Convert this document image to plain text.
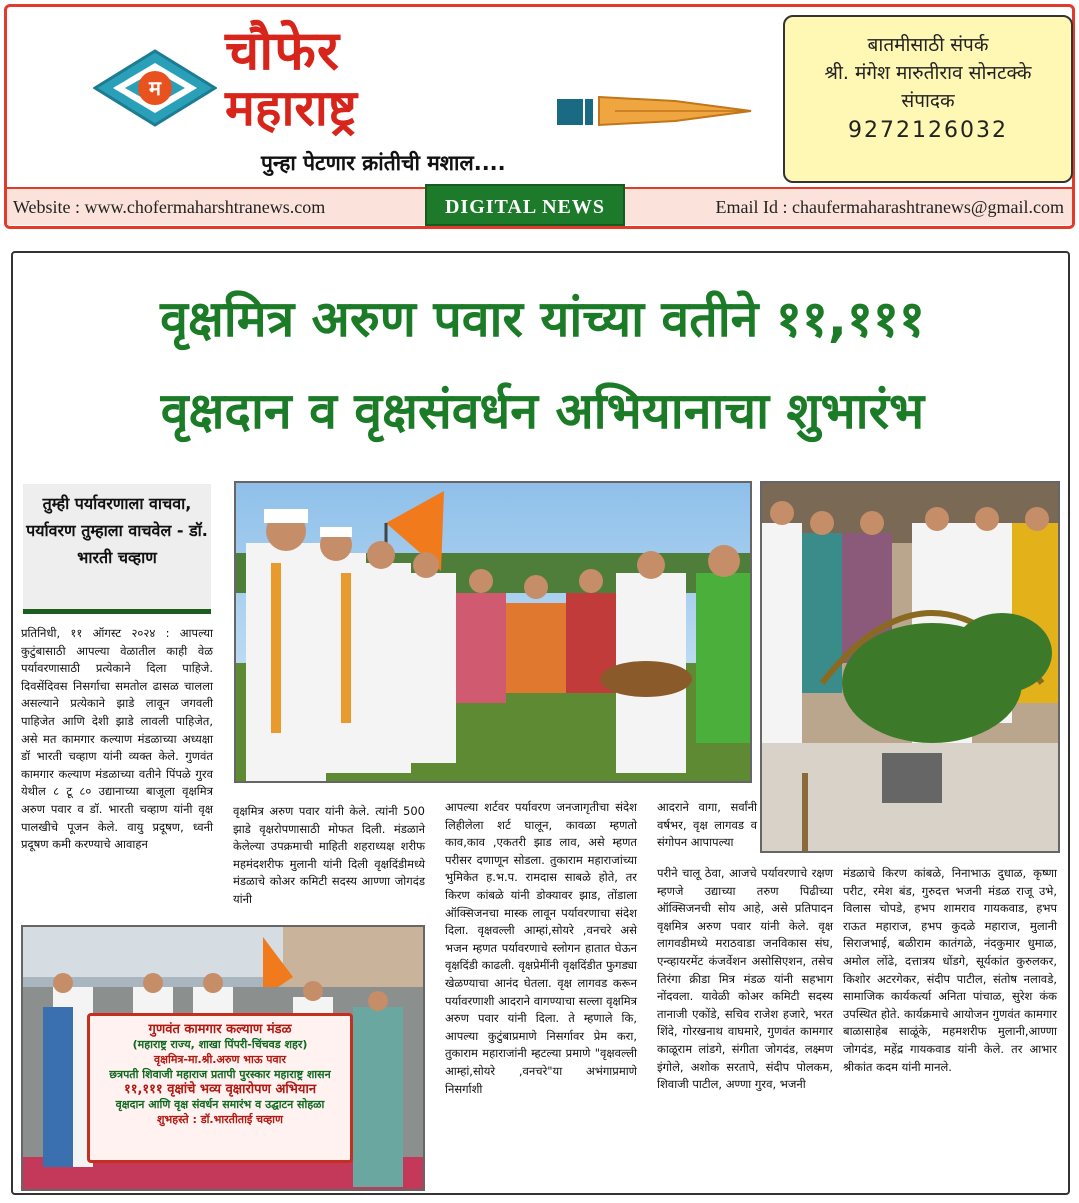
म
चौफेर
महाराष्ट्र
पुन्हा पेटणार क्रांतीची मशाल....
बातमीसाठी संपर्क
श्री. मंगेश मारुतीराव सोनटक्के
संपादक
9272126032
Website : www.chofermaharshtranews.com	Email Id : chaufermaharashtranews@gmail.com
DIGITAL NEWS
वृक्षमित्र अरुण पवार यांच्या वतीने ११,१११
वृक्षदान व वृक्षसंवर्धन अभियानाचा शुभारंभ
तुम्ही पर्यावरणाला वाचवा, पर्यावरण तुम्हाला वाचवेल - डॉ. भारती चव्हाण
गुणवंत कामगार कल्याण मंडळ
(महाराष्ट्र राज्य, शाखा पिंपरी-चिंचवड शहर)
वृक्षमित्र-मा.श्री.अरुण भाऊ पवार
छत्रपती शिवाजी महाराज प्रतापी पुरस्कार महाराष्ट्र शासन
११,१११ वृक्षांचे भव्य वृक्षारोपण अभियान
वृक्षदान आणि वृक्ष संवर्धन समारंभ व उद्घाटन सोहळा
शुभहस्ते : डॉ.भारतीताई चव्हाण

प्रतिनिधी, ११ ऑगस्ट २०२४ : आपल्या कुटुंबासाठी आपल्या वेळातील काही वेळ पर्यावरणासाठी प्रत्येकाने दिला पाहिजे. दिवसेंदिवस निसर्गाचा समतोल ढासळ चालला असल्याने प्रत्येकाने झाडे लावून जगवली पाहिजेत आणि देशी झाडे लावली पाहिजेत, असे मत कामगार कल्याण मंडळाच्या अध्यक्षा डॉ भारती चव्हाण यांनी व्यक्त केले. गुणवंत कामगार कल्याण मंडळाच्या वतीने पिंपळे गुरव येथील ८ टू ८० उद्यानाच्या बाजूला वृक्षमित्र अरुण पवार व डॉ. भारती चव्हाण यांनी वृक्ष पालखीचे पूजन केले. वायु प्रदूषण, ध्वनी प्रदूषण कमी करण्याचे आवाहन

वृक्षमित्र अरुण पवार यांनी केले. त्यांनी 500 झाडे वृक्षरोपणासाठी मोफत दिली. मंडळाने केलेल्या उपक्रमाची माहिती शहराध्यक्ष शरीफ महमंदशरीफ मुलानी यांनी दिली वृक्षदिंडीमध्ये मंडळाचे कोअर कमिटी सदस्य आण्णा जोगदंड यांनी

आपल्या शर्टवर पर्यावरण जनजागृतीचा संदेश लिहीलेला शर्ट घालून, कावळा म्हणतो काव,काव ,एकतरी झाड लाव, असे म्हणत परीसर दणाणून सोडला. तुकाराम महाराजांच्या भुमिकेत ह.भ.प. रामदास साबळे होते, तर किरण कांबळे यांनी डोक्यावर झाड, तोंडाला ऑक्सिजनचा मास्क लावून पर्यावरणाचा संदेश दिला. वृक्षवल्ली आम्हां,सोयरे ,वनचरे असे भजन म्हणत पर्यावरणाचे स्लोगन हातात घेऊन वृक्षदिंडी काढली. वृक्षप्रेमींनी वृक्षदिंडीत फुगड्या खेळण्याचा आनंद घेतला. वृक्ष लागवड करून पर्यावरणाशी आदराने वागण्याचा सल्ला वृक्षमित्र अरुण पवार यांनी दिला. ते म्हणाले कि, आपल्या कुटुंबाप्रमाणे निसर्गावर प्रेम करा, तुकाराम महाराजांनी म्हटल्या प्रमाणे "वृक्षवल्ली आम्हां,सोयरे ,वनचरे"या अभंगाप्रमाणे निसर्गाशी

आदराने वागा, सर्वांनी वर्षभर, वृक्ष लागवड व संगोपन आपापल्या

परीने चालू ठेवा, आजचे पर्यावरणाचे रक्षण म्हणजे उद्याच्या तरुण पिढीच्या ऑक्सिजनची सोय आहे, असे प्रतिपादन वृक्षमित्र अरुण पवार यांनी केले. वृक्ष लागवडीमध्ये मराठवाडा जनविकास संघ, एन्व्हायरमेंट कंजर्वेशन असोसिएशन, तसेच तिरंगा क्रीडा मित्र मंडळ यांनी सहभाग नोंदवला. यावेळी कोअर कमिटी सदस्य तानाजी एकोंडे, सचिव राजेश हजारे, भरत शिंदे, गोरखनाथ वाघमारे, गुणवंत कामगार काळूराम लांडगे, संगीता जोगदंड, लक्ष्मण इंगोले, अशोक सरतापे, संदीप पोलकम, शिवाजी पाटील, अण्णा गुरव, भजनी

मंडळाचे किरण कांबळे, निनाभाऊ दुधाळ, कृष्णा परीट, रमेश बंड, गुरुदत्त भजनी मंडळ राजू उभे, विलास चोपडे, हभप शामराव गायकवाड, हभप राऊत महाराज, हभप कुदळे महाराज, मुलानी सिराजभाई, बळीराम कातंगळे, नंदकुमार धुमाळ, अमोल लोंढे, दत्तात्रय धोंडगे, सूर्यकांत कुरुलकर, किशोर अटरगेकर, संदीप पाटील, संतोष नलावडे, सामाजिक कार्यकर्त्या अनिता पांचाळ, सुरेश कंक उपस्थित होते. कार्यक्रमाचे आयोजन गुणवंत कामगार बाळासाहेब साळूंके, महमशरीफ मुलानी,आण्णा जोगदंड, महेंद्र गायकवाड यांनी केले. तर आभार श्रीकांत कदम यांनी मानले.
